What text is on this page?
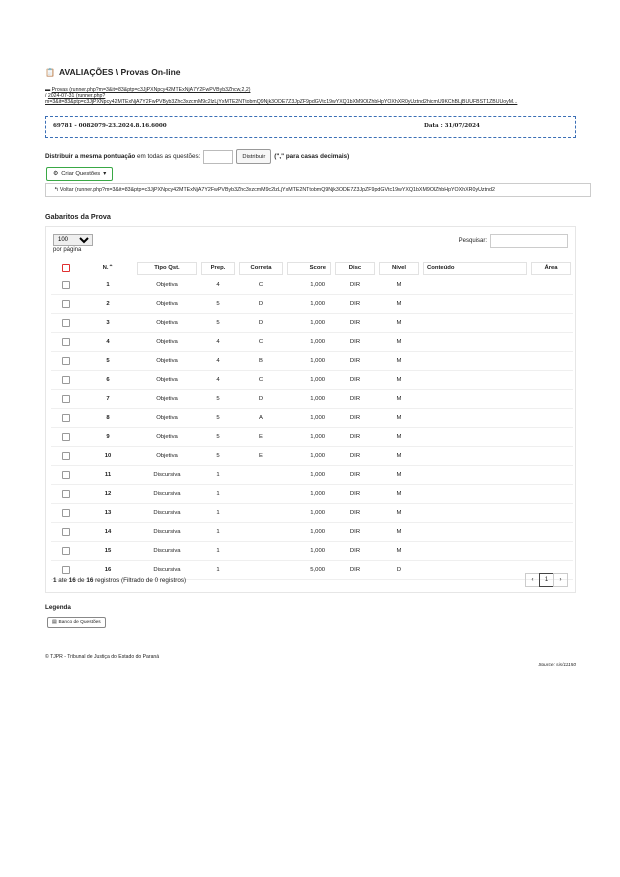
📋 AVALIAÇÕES \ Provas On-line
▬ Provas (runner.php?m=3&it=83&ptp=c3JjPXNpcy42MTExNjA7Y2FwPVByb3Zhcw,2,2)
/ 2024-07-31 (runner.php?
m=3&it=83&ptp=c3JjPXNpcy42MTExNjA7Y2FwPVByb3Zhc3xzcmM9c2lzLjYxMTE2NTtobmQ9Njk3ODE7Z3JpZF9pdGVtc19wYXQ1bXM9OlZhbHpYOXhXR0yUztnd2hicmU9KChBLjBUUFBST1ZBUUoyM...
69781 - 0082079-23.2024.8.16.6000	Data : 31/07/2024
Distribuir a mesma pontuação
em todas as questões:	Distribuir	("," para casas decimais)
⚙ Criar Questões ▾
↰ Voltar (runner.php?m=3&it=83&ptp=c3JjPXNpcy42MTExNjA7Y2FwPVByb3Zhc3xzcmM9c2lzLjYxMTE2NTtobmQ9Njk3ODE7Z3JpZF9pdGVtc19wYXQ1bXM9OlZhbHpYOXhXR0yUztnd2
Gabaritos da Prova
100
por página
Pesquisar:

	N. ⌃	Tipo Qst.	Prep.	Correta	Score	Disc	Nível	Conteúdo	Área

	1	Objetiva	4	C	1,000	DIR	M		
	2	Objetiva	5	D	1,000	DIR	M		
	3	Objetiva	5	D	1,000	DIR	M		
	4	Objetiva	4	C	1,000	DIR	M		
	5	Objetiva	4	B	1,000	DIR	M		
	6	Objetiva	4	C	1,000	DIR	M		
	7	Objetiva	5	D	1,000	DIR	M		
	8	Objetiva	5	A	1,000	DIR	M		
	9	Objetiva	5	E	1,000	DIR	M		
	10	Objetiva	5	E	1,000	DIR	M		
	11	Discursiva	1		1,000	DIR	M		
	12	Discursiva	1		1,000	DIR	M		
	13	Discursiva	1		1,000	DIR	M		
	14	Discursiva	1		1,000	DIR	M		
	15	Discursiva	1		1,000	DIR	M		
	16	Discursiva	1		5,000	DIR	D		
1 ate 16 de 16 registros (Filtrado de 0 registros)	‹	1	›
Legenda
▤ Banco de Questões
© TJPR - Tribunal de Justiça do Estado do Paraná
Source: sis/11150
